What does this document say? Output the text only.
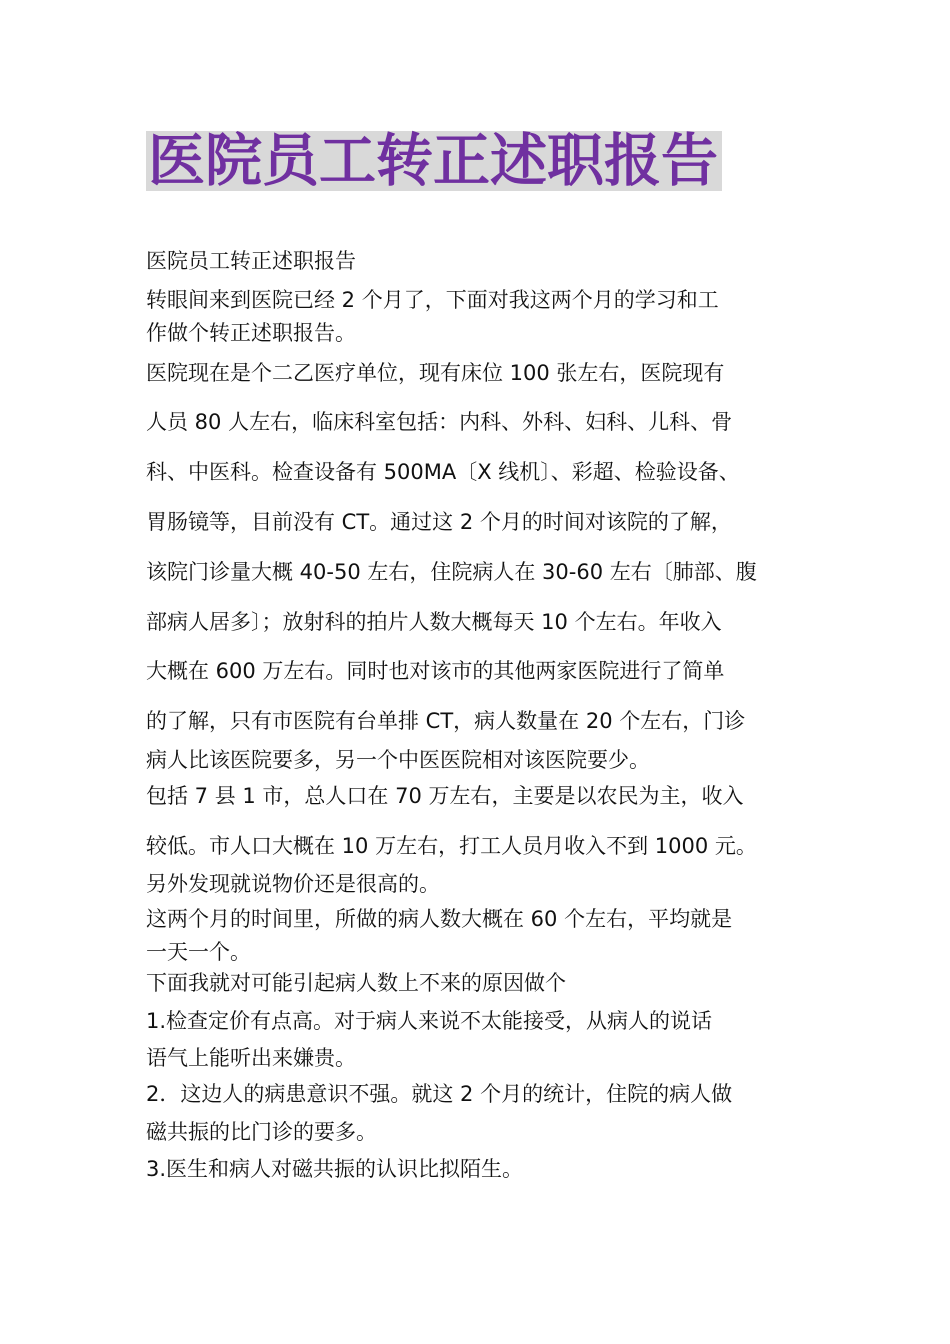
医院员工转正述职报告
医院员工转正述职报告
转眼间来到医院已经 2 个月了，下面对我这两个月的学习和工
作做个转正述职报告。
医院现在是个二乙医疗单位，现有床位 100 张左右，医院现有
人员 80 人左右，临床科室包括：内科、外科、妇科、儿科、骨
科、中医科。检查设备有 500MA〔X 线机〕、彩超、检验设备、
胃肠镜等，目前没有 CT。通过这 2 个月的时间对该院的了解，
该院门诊量大概 40-50 左右，住院病人在 30-60 左右〔肺部、腹
部病人居多〕；放射科的拍片人数大概每天 10 个左右。年收入
大概在 600 万左右。同时也对该市的其他两家医院进行了简单
的了解，只有市医院有台单排 CT，病人数量在 20 个左右，门诊
病人比该医院要多，另一个中医医院相对该医院要少。
包括 7 县 1 市，总人口在 70 万左右，主要是以农民为主，收入
较低。市人口大概在 10 万左右，打工人员月收入不到 1000 元。
另外发现就说物价还是很高的。
这两个月的时间里，所做的病人数大概在 60 个左右，平均就是
一天一个。
下面我就对可能引起病人数上不来的原因做个
1.检查定价有点高。对于病人来说不太能接受，从病人的说话
语气上能听出来嫌贵。
2．这边人的病患意识不强。就这 2 个月的统计，住院的病人做
磁共振的比门诊的要多。
3.医生和病人对磁共振的认识比拟陌生。
